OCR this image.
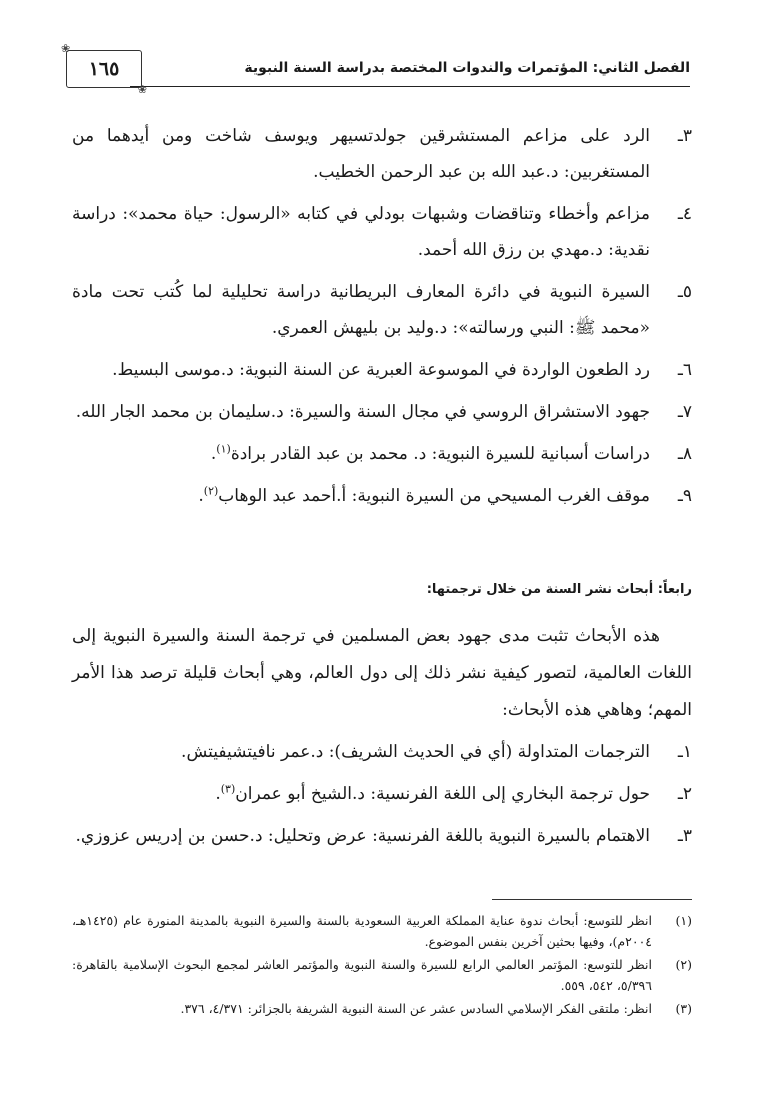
الفصل الثاني: المؤتمرات والندوات المختصة بدراسة السنة النبوية
❀
١٦٥
❀
٣ـ
الرد على مزاعم المستشرقين جولدتسيهر ويوسف شاخت ومن أيدهما من المستغربين: د.عبد الله بن عبد الرحمن الخطيب.
٤ـ
مزاعم وأخطاء وتناقضات وشبهات بودلي في كتابه «الرسول: حياة محمد»: دراسة نقدية: د.مهدي بن رزق الله أحمد.
٥ـ
السيرة النبوية في دائرة المعارف البريطانية دراسة تحليلية لما كُتب تحت مادة «محمد ﷺ: النبي ورسالته»: د.وليد بن بليهش العمري.
٦ـ
رد الطعون الواردة في الموسوعة العبرية عن السنة النبوية: د.موسى البسيط.
٧ـ
جهود الاستشراق الروسي في مجال السنة والسيرة: د.سليمان بن محمد الجار الله.
٨ـ
دراسات أسبانية للسيرة النبوية: د. محمد بن عبد القادر برادة$^{(١)}$.
٩ـ
موقف الغرب المسيحي من السيرة النبوية: أ.أحمد عبد الوهاب$^{(٢)}$.
رابعاً: أبحاث نشر السنة من خلال ترجمتها:
هذه الأبحاث تثبت مدى جهود بعض المسلمين في ترجمة السنة والسيرة النبوية إلى اللغات العالمية، لتصور كيفية نشر ذلك إلى دول العالم، وهي أبحاث قليلة ترصد هذا الأمر المهم؛ وهاهي هذه الأبحاث:
١ـ
الترجمات المتداولة (أي في الحديث الشريف): د.عمر نافيتشيفيتش.
٢ـ
حول ترجمة البخاري إلى اللغة الفرنسية: د.الشيخ أبو عمران$^{(٣)}$.
٣ـ
الاهتمام بالسيرة النبوية باللغة الفرنسية: عرض وتحليل: د.حسن بن إدريس عزوزي.
(١)
انظر للتوسع: أبحاث ندوة عناية المملكة العربية السعودية بالسنة والسيرة النبوية بالمدينة المنورة عام (١٤٢٥هـ، ٢٠٠٤م)، وفيها بحثين آخرين بنفس الموضوع.
(٢)
انظر للتوسع: المؤتمر العالمي الرابع للسيرة والسنة النبوية والمؤتمر العاشر لمجمع البحوث الإسلامية بالقاهرة: ٥/٣٩٦، ٥٤٢، ٥٥٩.
(٣)
انظر: ملتقى الفكر الإسلامي السادس عشر عن السنة النبوية الشريفة بالجزائر: ٤/٣٧١، ٣٧٦.
